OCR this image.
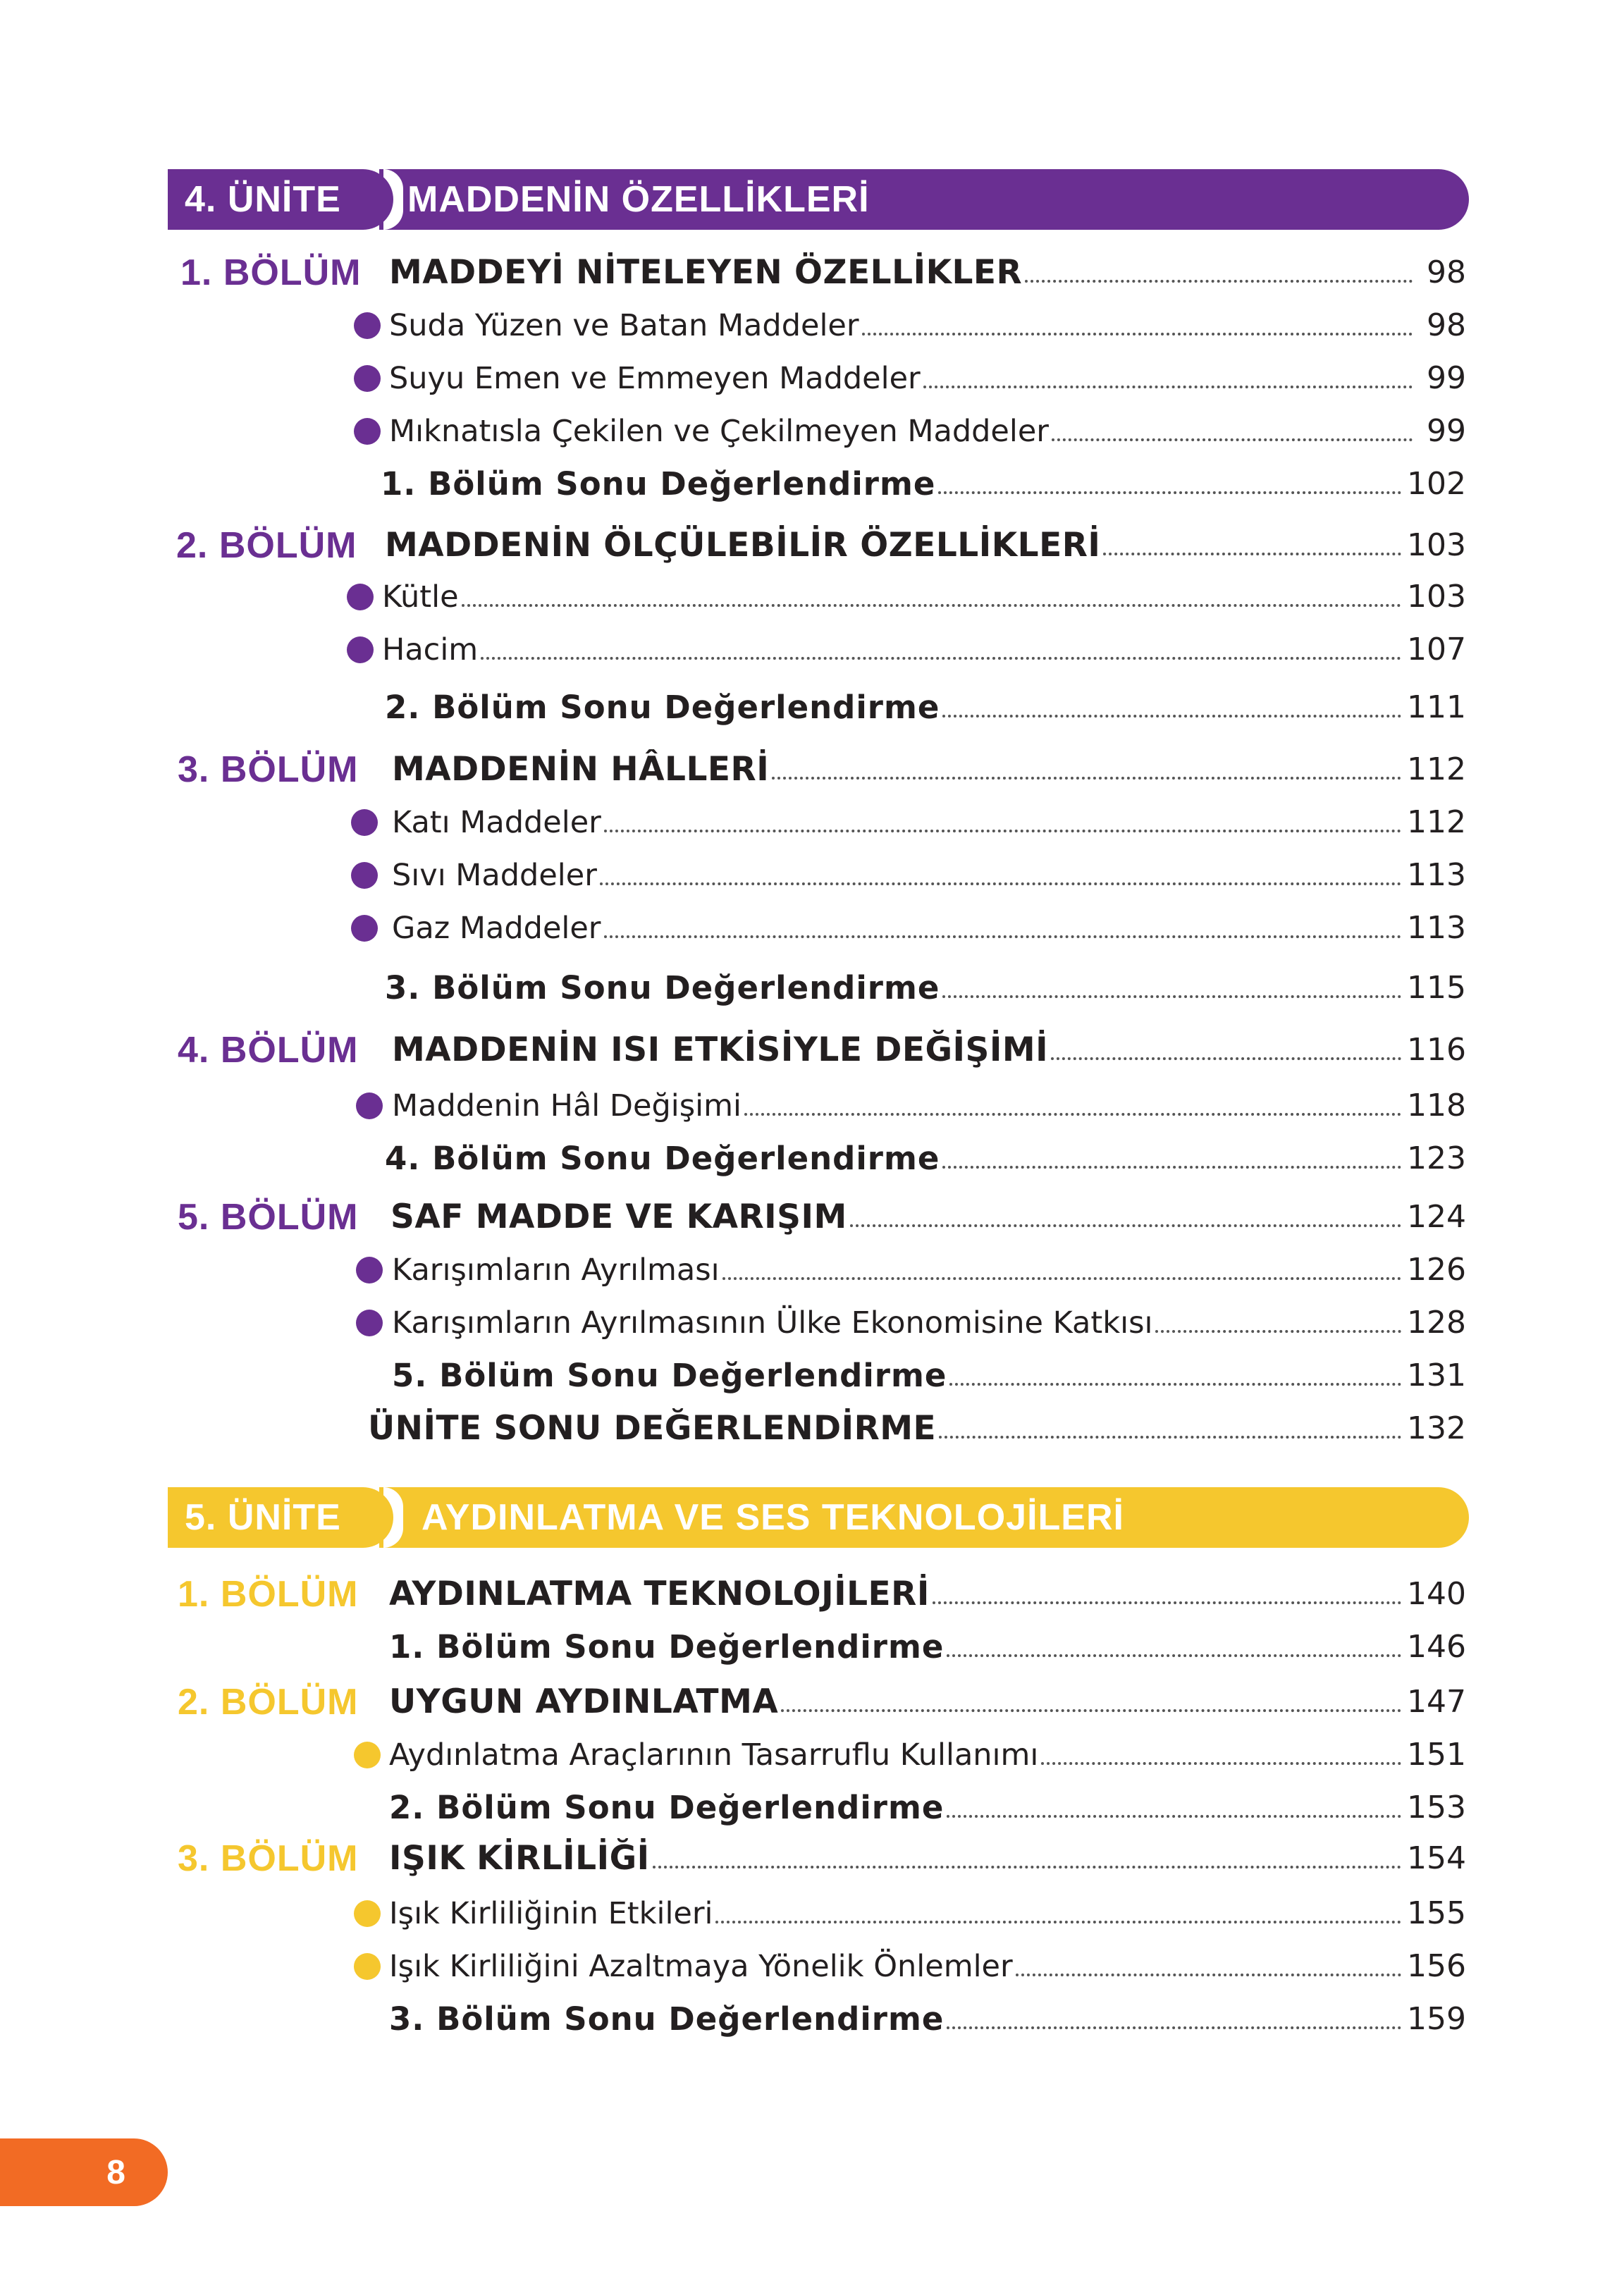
4. ÜNİTE MADDENİN ÖZELLİKLERİ
1. BÖLÜM MADDEYİ NİTELEYEN ÖZELLİKLER	98
Suda Yüzen ve Batan Maddeler	98
Suyu Emen ve Emmeyen Maddeler	99
Mıknatısla Çekilen ve Çekilmeyen Maddeler	99
1. Bölüm Sonu Değerlendirme	102
2. BÖLÜM MADDENİN ÖLÇÜLEBİLİR ÖZELLİKLERİ	103
Kütle	103
Hacim	107
2. Bölüm Sonu Değerlendirme	111
3. BÖLÜM MADDENİN HÂLLERİ	112
Katı Maddeler	112
Sıvı Maddeler	113
Gaz Maddeler	113
3. Bölüm Sonu Değerlendirme	115
4. BÖLÜM MADDENİN ISI ETKİSİYLE DEĞİŞİMİ	116
Maddenin Hâl Değişimi	118
4. Bölüm Sonu Değerlendirme	123
5. BÖLÜM SAF MADDE VE KARIŞIM	124
Karışımların Ayrılması	126
Karışımların Ayrılmasının Ülke Ekonomisine Katkısı	128
5. Bölüm Sonu Değerlendirme	131
ÜNİTE SONU DEĞERLENDİRME	132
5. ÜNİTE AYDINLATMA VE SES TEKNOLOJİLERİ
1. BÖLÜM AYDINLATMA TEKNOLOJİLERİ	140
1. Bölüm Sonu Değerlendirme	146
2. BÖLÜM UYGUN AYDINLATMA	147
Aydınlatma Araçlarının Tasarruflu Kullanımı	151
2. Bölüm Sonu Değerlendirme	153
3. BÖLÜM IŞIK KİRLİLİĞİ	154
Işık Kirliliğinin Etkileri	155
Işık Kirliliğini Azaltmaya Yönelik Önlemler	156
3. Bölüm Sonu Değerlendirme	159
8
